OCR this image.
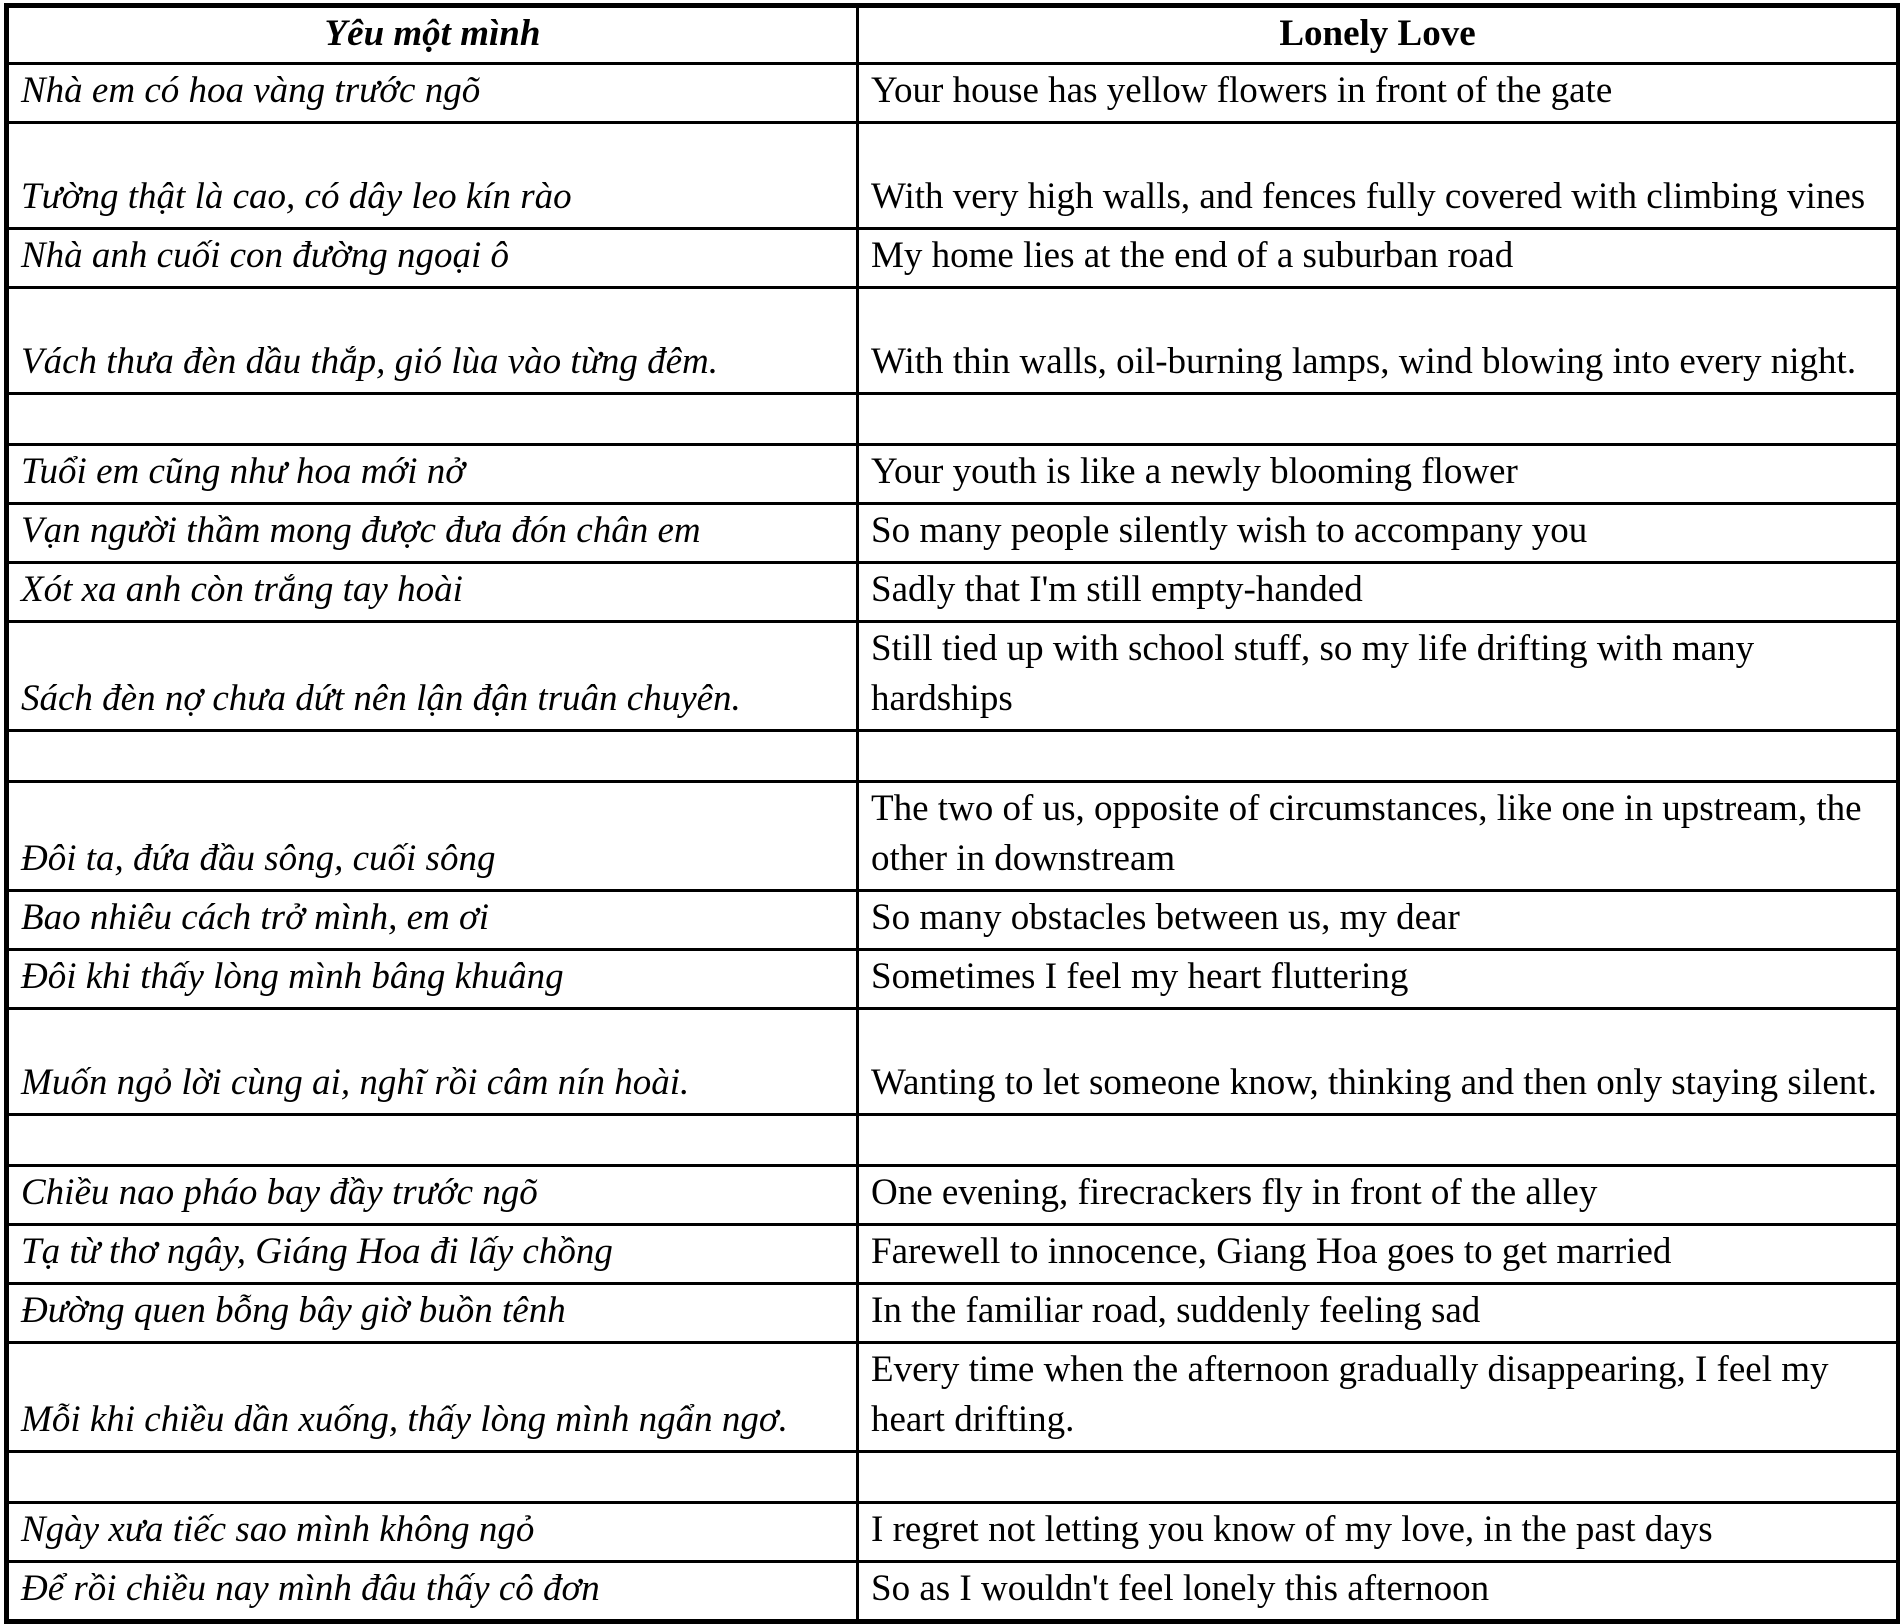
Yêu một mình	Lonely Love
Nhà em có hoa vàng trước ngõ	Your house has yellow flowers in front of the gate
Tường thật là cao, có dây leo kín rào	With very high walls, and fences fully covered with climbing vines
Nhà anh cuối con đường ngoại ô	My home lies at the end of a suburban road
Vách thưa đèn dầu thắp, gió lùa vào từng đêm.	With thin walls, oil-burning lamps, wind blowing into every night.

Tuổi em cũng như hoa mới nở	Your youth is like a newly blooming flower
Vạn người thầm mong được đưa đón chân em	So many people silently wish to accompany you
Xót xa anh còn trắng tay hoài	Sadly that I'm still empty-handed
Sách đèn nợ chưa dứt nên lận đận truân chuyên.	Still tied up with school stuff, so my life drifting with many hardships

Đôi ta, đứa đầu sông, cuối sông	The two of us, opposite of circumstances, like one in upstream, the other in downstream
Bao nhiêu cách trở mình, em ơi	So many obstacles between us, my dear
Đôi khi thấy lòng mình bâng khuâng	Sometimes I feel my heart fluttering
Muốn ngỏ lời cùng ai, nghĩ rồi câm nín hoài.	Wanting to let someone know, thinking and then only staying silent.

Chiều nao pháo bay đầy trước ngõ	One evening, firecrackers fly in front of the alley
Tạ từ thơ ngây, Giáng Hoa đi lấy chồng	Farewell to innocence, Giang Hoa goes to get married
Đường quen bỗng bây giờ buồn tênh	In the familiar road, suddenly feeling sad
Mỗi khi chiều dần xuống, thấy lòng mình ngẩn ngơ.	Every time when the afternoon gradually disappearing, I feel my heart drifting.

Ngày xưa tiếc sao mình không ngỏ	I regret not letting you know of my love, in the past days
Để rồi chiều nay mình đâu thấy cô đơn	So as I wouldn't feel lonely this afternoon
